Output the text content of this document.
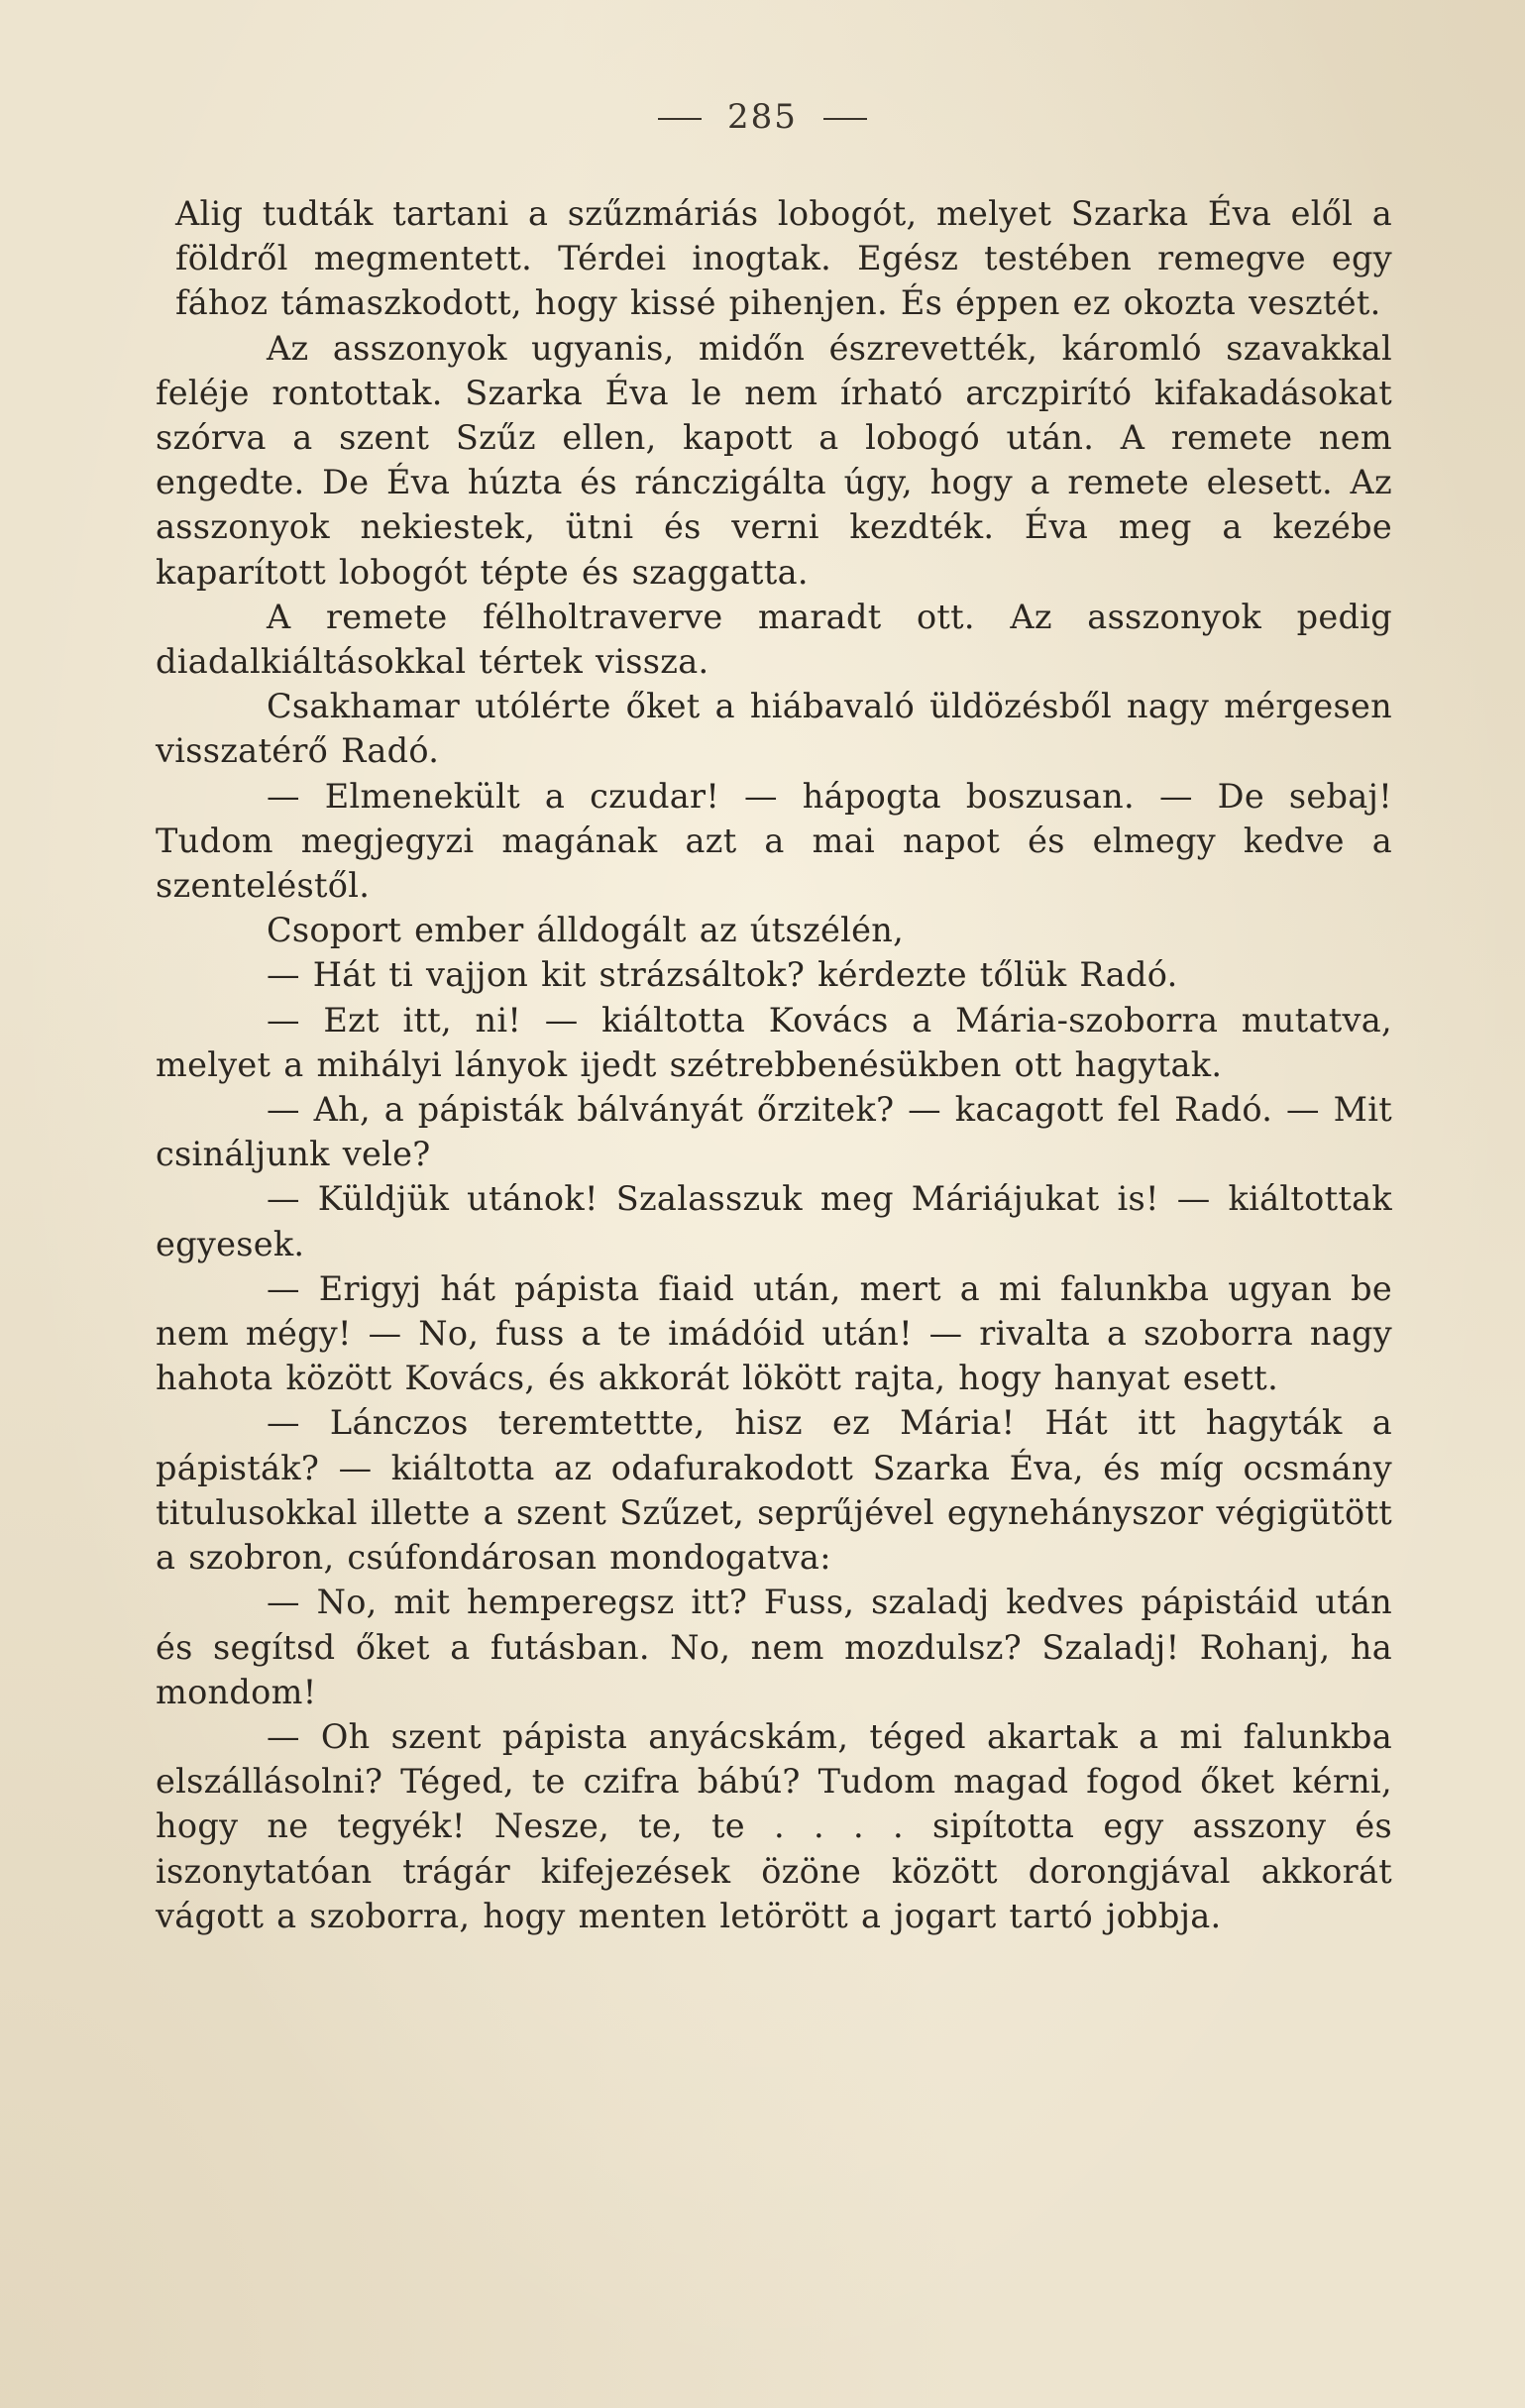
285

Alig tudták tartani a szűzmáriás lobogót, melyet Szarka Éva elől a földről megmentett. Térdei inogtak. Egész testében remegve egy fához támaszkodott, hogy kissé pihenjen. És éppen ez okozta vesztét.

Az asszonyok ugyanis, midőn észrevették, káromló szavakkal feléje rontottak. Szarka Éva le nem írható arczpirító kifakadásokat szórva a szent Szűz ellen, kapott a lobogó után. A remete nem engedte. De Éva húzta és ránczigálta úgy, hogy a remete elesett. Az asszonyok nekiestek, ütni és verni kezdték. Éva meg a kezébe kaparított lobogót tépte és szaggatta.

A remete félholtraverve maradt ott. Az asszonyok pedig diadalkiáltásokkal tértek vissza.

Csakhamar utólérte őket a hiábavaló üldözésből nagy mérgesen visszatérő Radó.

— Elmenekült a czudar! — hápogta boszusan. — De sebaj! Tudom megjegyzi magának azt a mai napot és elmegy kedve a szenteléstől.

Csoport ember álldogált az útszélén,

— Hát ti vajjon kit strázsáltok? kérdezte tőlük Radó.

— Ezt itt, ni! — kiáltotta Kovács a Mária-szoborra mutatva, melyet a mihályi lányok ijedt szétrebbenésükben ott hagytak.

— Ah, a pápisták bálványát őrzitek? — kacagott fel Radó. — Mit csináljunk vele?

— Küldjük utánok! Szalasszuk meg Máriájukat is! — kiáltottak egyesek.

— Erigyj hát pápista fiaid után, mert a mi falunkba ugyan be nem mégy! — No, fuss a te imádóid után! — rivalta a szoborra nagy hahota között Kovács, és akkorát lökött rajta, hogy hanyat esett.

— Lánczos teremtettte, hisz ez Mária! Hát itt hagyták a pápisták? — kiáltotta az odafurakodott Szarka Éva, és míg ocsmány titulusokkal illette a szent Szűzet, seprűjével egynehányszor végigütött a szobron, csúfondárosan mondogatva:

— No, mit hemperegsz itt? Fuss, szaladj kedves pápistáid után és segítsd őket a futásban. No, nem mozdulsz? Szaladj! Rohanj, ha mondom!

— Oh szent pápista anyácskám, téged akartak a mi falunkba elszállásolni? Téged, te czifra bábú? Tudom magad fogod őket kérni, hogy ne tegyék! Nesze, te, te . . . . sipította egy asszony és iszonytatóan trágár kifejezések özöne között dorongjával akkorát vágott a szoborra, hogy menten letörött a jogart tartó jobbja.
